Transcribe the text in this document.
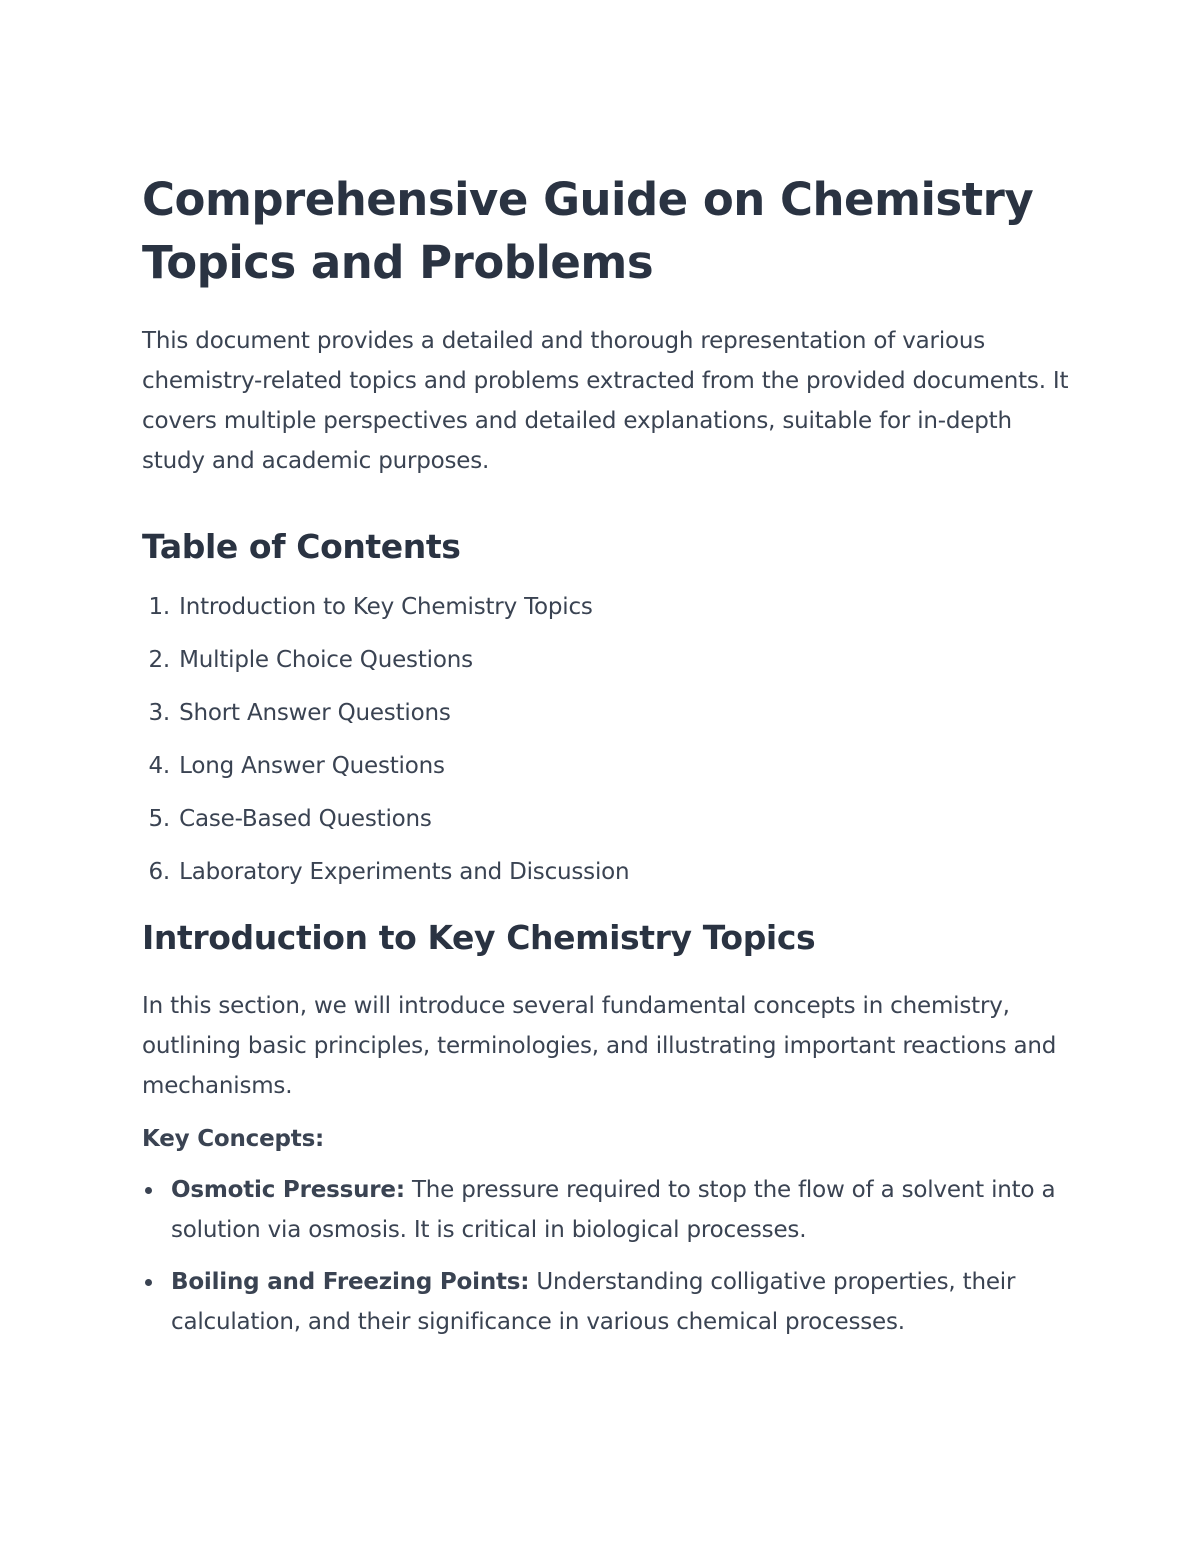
Comprehensive Guide on Chemistry Topics and Problems

This document provides a detailed and thorough representation of various chemistry-related topics and problems extracted from the provided documents. It covers multiple perspectives and detailed explanations, suitable for in-depth study and academic purposes.

Table of Contents
1. Introduction to Key Chemistry Topics
2. Multiple Choice Questions
3. Short Answer Questions
4. Long Answer Questions
5. Case-Based Questions
6. Laboratory Experiments and Discussion
Introduction to Key Chemistry Topics

In this section, we will introduce several fundamental concepts in chemistry, outlining basic principles, terminologies, and illustrating important reactions and mechanisms.

Key Concepts:

Osmotic Pressure: The pressure required to stop the flow of a solvent into a solution via osmosis. It is critical in biological processes.
Boiling and Freezing Points: Understanding colligative properties, their calculation, and their significance in various chemical processes.
